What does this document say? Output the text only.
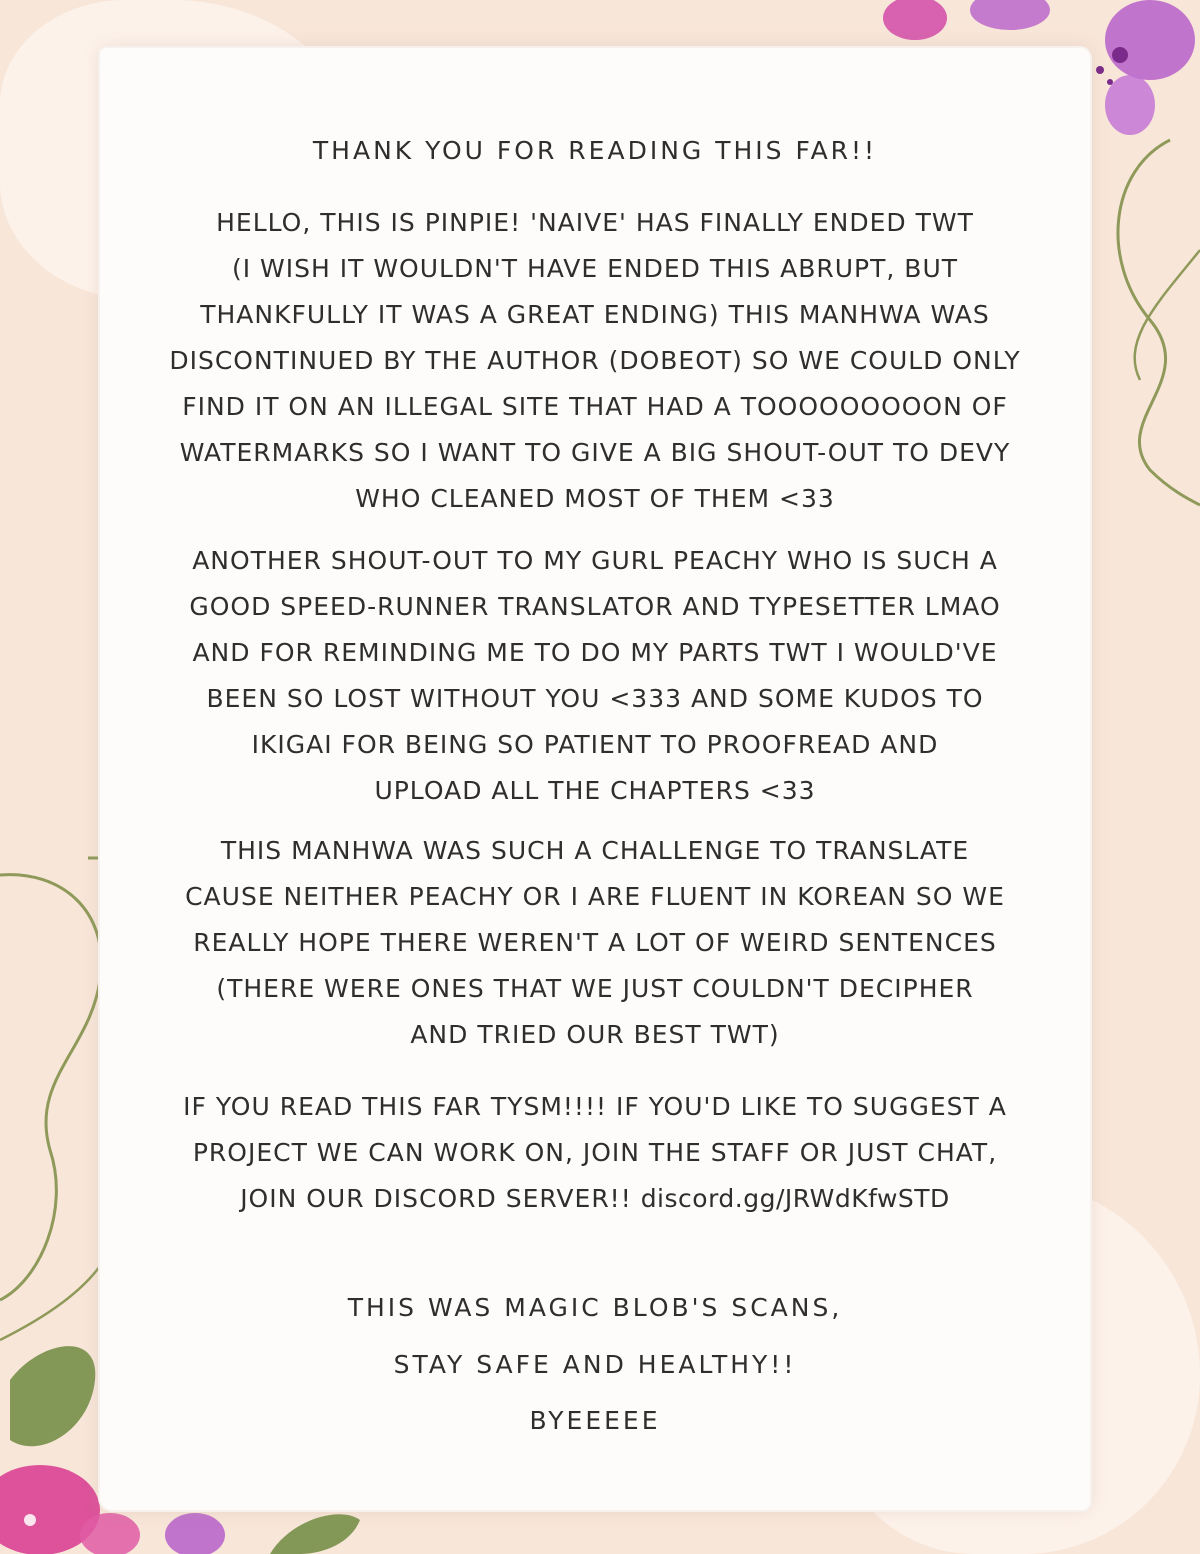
THANK YOU FOR READING THIS FAR!!
HELLO, THIS IS PINPIE! 'NAIVE' HAS FINALLY ENDED TWT
(I WISH IT WOULDN'T HAVE ENDED THIS ABRUPT, BUT
THANKFULLY IT WAS A GREAT ENDING) THIS MANHWA WAS
DISCONTINUED BY THE AUTHOR (DOBEOT) SO WE COULD ONLY
FIND IT ON AN ILLEGAL SITE THAT HAD A TOOOOOOOOON OF
WATERMARKS SO I WANT TO GIVE A BIG SHOUT-OUT TO DEVY
WHO CLEANED MOST OF THEM <33
ANOTHER SHOUT-OUT TO MY GURL PEACHY WHO IS SUCH A
GOOD SPEED-RUNNER TRANSLATOR AND TYPESETTER LMAO
AND FOR REMINDING ME TO DO MY PARTS TWT I WOULD'VE
BEEN SO LOST WITHOUT YOU <333 AND SOME KUDOS TO
IKIGAI FOR BEING SO PATIENT TO PROOFREAD AND
UPLOAD ALL THE CHAPTERS <33
THIS MANHWA WAS SUCH A CHALLENGE TO TRANSLATE
CAUSE NEITHER PEACHY OR I ARE FLUENT IN KOREAN SO WE
REALLY HOPE THERE WEREN'T A LOT OF WEIRD SENTENCES
(THERE WERE ONES THAT WE JUST COULDN'T DECIPHER
AND TRIED OUR BEST TWT)
IF YOU READ THIS FAR TYSM!!!! IF YOU'D LIKE TO SUGGEST A
PROJECT WE CAN WORK ON, JOIN THE STAFF OR JUST CHAT,
JOIN OUR DISCORD SERVER!! discord.gg/JRWdKfwSTD
THIS WAS MAGIC BLOB'S SCANS,
STAY SAFE AND HEALTHY!!
BYEEEEE
